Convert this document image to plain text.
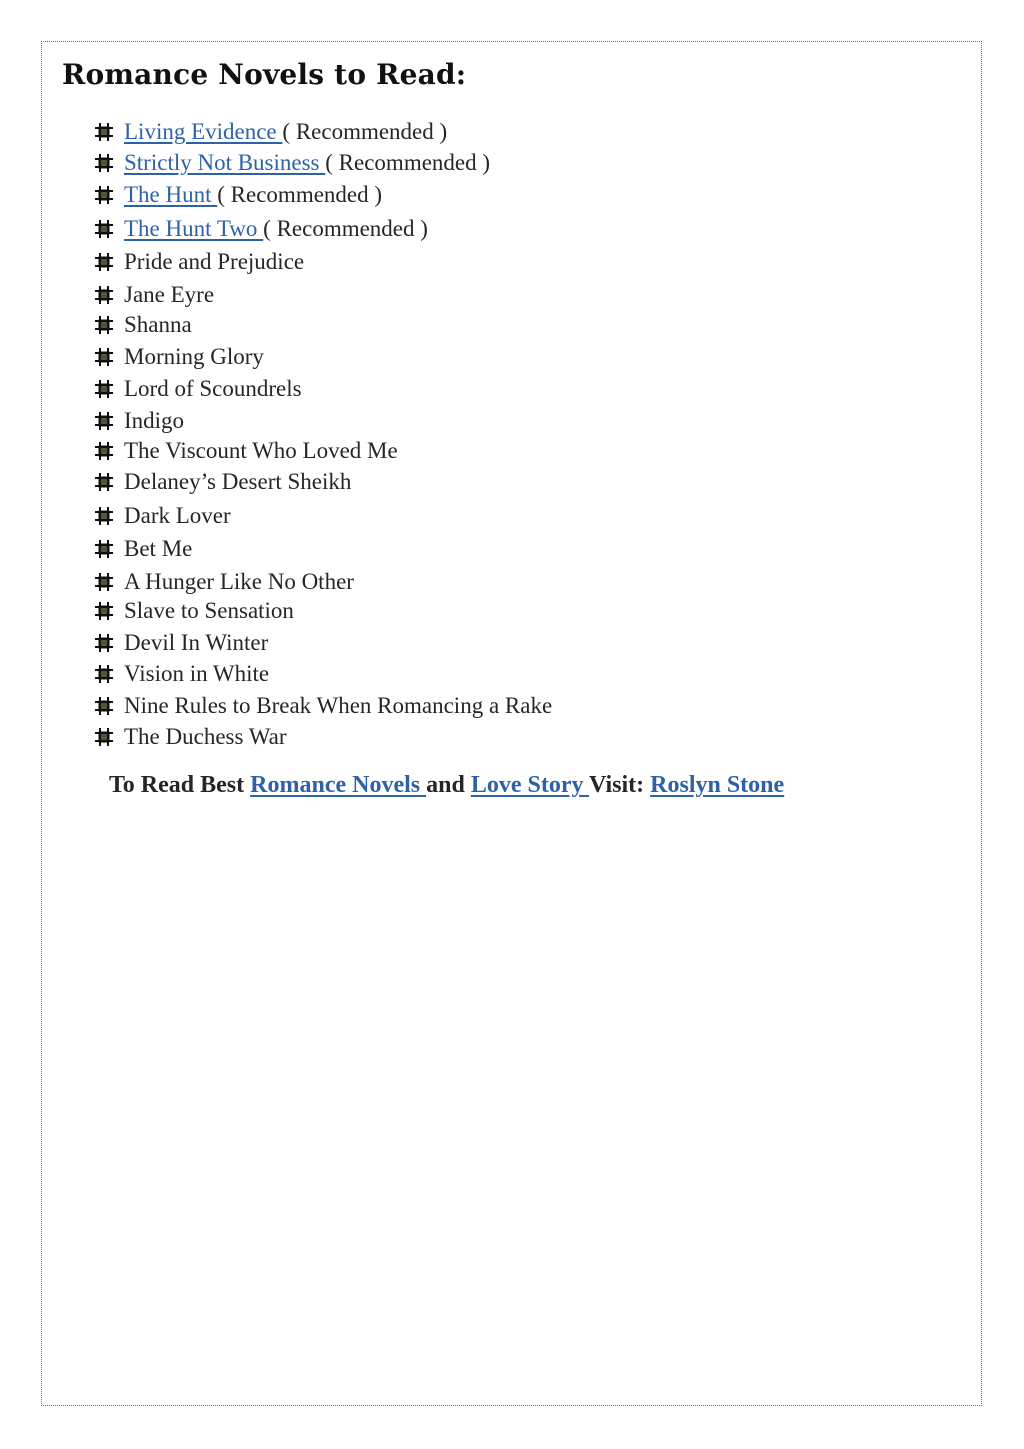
Romance Novels to Read:
Living Evidence ( Recommended )
Strictly Not Business ( Recommended )
The Hunt ( Recommended )
The Hunt Two ( Recommended )
Pride and Prejudice
Jane Eyre
Shanna
Morning Glory
Lord of Scoundrels
Indigo
The Viscount Who Loved Me
Delaney’s Desert Sheikh
Dark Lover
Bet Me
A Hunger Like No Other
Slave to Sensation
Devil In Winter
Vision in White
Nine Rules to Break When Romancing a Rake
The Duchess War

To Read Best Romance Novels and Love Story Visit: Roslyn Stone
